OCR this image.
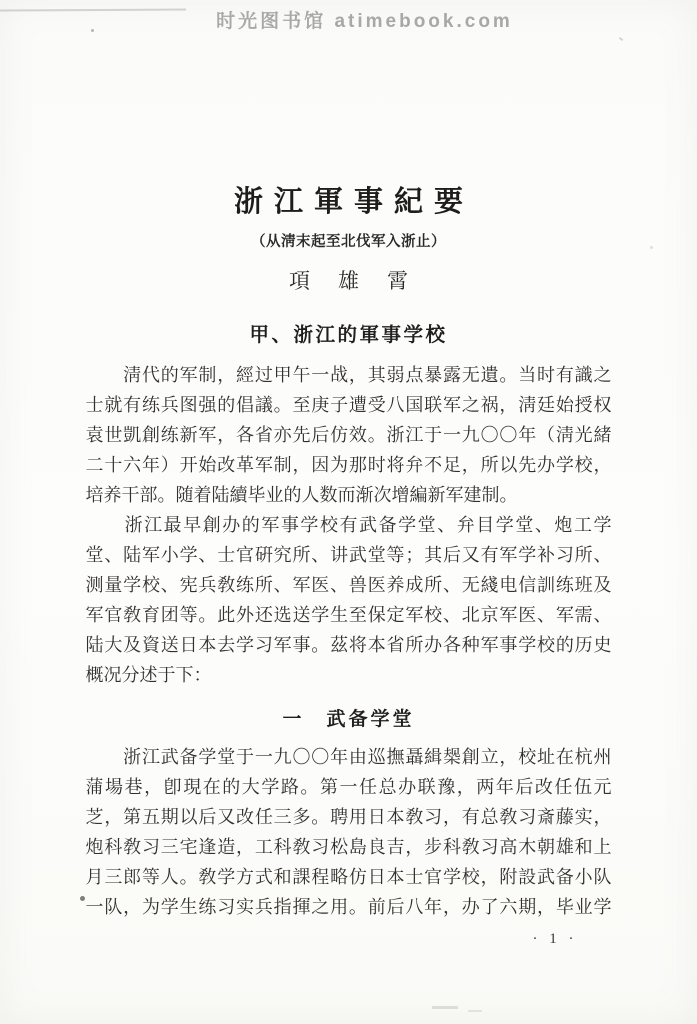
时光图书馆 atimebook.com
浙江軍事紀要
（从淸末起至北伐军入浙止）
項雄霄
甲、浙江的軍事学校
　　淸代的军制，經过甲午一战，其弱点暴露无遺。当时有識之
士就有练兵图强的倡議。至庚子遭受八国联军之祸，淸廷始授权
袁世凱創练新军，各省亦先后仿效。浙江于一九〇〇年（淸光緒
二十六年）开始改革军制，因为那时将弁不足，所以先办学校，
培养干部。随着陆續毕业的人数而渐次增編新军建制。
　　浙江最早創办的军事学校有武备学堂、弁目学堂、炮工学
堂、陆军小学、士官硏究所、讲武堂等；其后又有军学补习所、
测量学校、宪兵敎练所、军医、兽医养成所、无綫电信訓练班及
军官敎育团等。此外还选送学生至保定军校、北京军医、军需、
陆大及資送日本去学习军事。茲将本省所办各种军事学校的历史
概况分述于下：
一　武备学堂
　　浙江武备学堂于一九〇〇年由巡撫聶緝椝創立，校址在杭州
蒲場巷，卽現在的大学路。第一任总办联豫，两年后改任伍元
芝，第五期以后又改任三多。聘用日本敎习，有总敎习斎藤实，
炮科敎习三宅逢造，工科敎习松島良吉，步科敎习高木朝雄和上
月三郎等人。敎学方式和課程略仿日本士官学校，附設武备小队
一队，为学生练习实兵指揮之用。前后八年，办了六期，毕业学
· 1 ·
